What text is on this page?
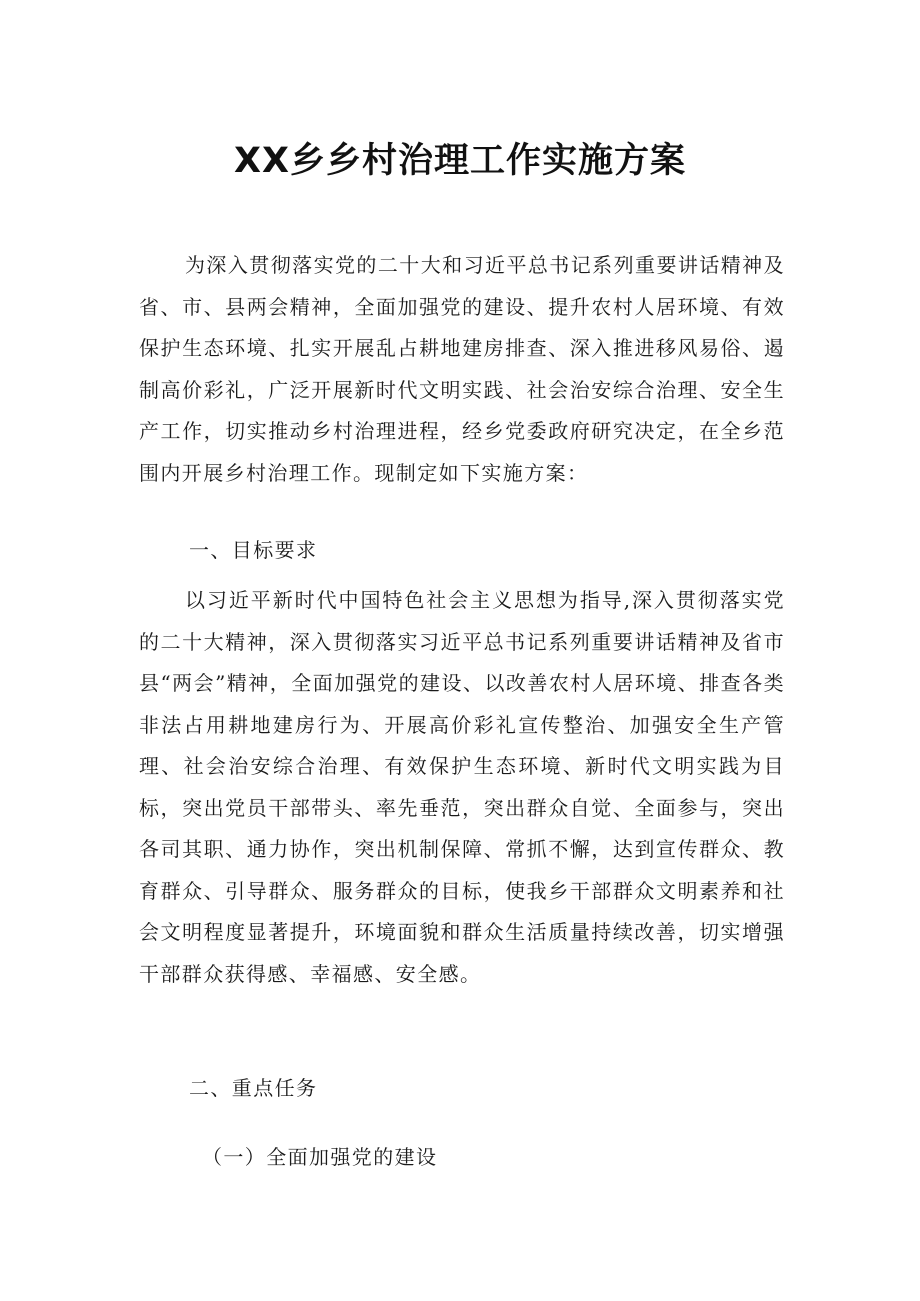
XX乡乡村治理工作实施方案

为深入贯彻落实党的二十大和习近平总书记系列重要讲话精神及省、市、县两会精神，全面加强党的建设、提升农村人居环境、有效保护生态环境、扎实开展乱占耕地建房排查、深入推进移风易俗、遏制高价彩礼，广泛开展新时代文明实践、社会治安综合治理、安全生产工作，切实推动乡村治理进程，经乡党委政府研究决定，在全乡范围内开展乡村治理工作。现制定如下实施方案：

一、目标要求

以习近平新时代中国特色社会主义思想为指导,深入贯彻落实党的二十大精神，深入贯彻落实习近平总书记系列重要讲话精神及省市县“两会”精神，全面加强党的建设、以改善农村人居环境、排查各类非法占用耕地建房行为、开展高价彩礼宣传整治、加强安全生产管理、社会治安综合治理、有效保护生态环境、新时代文明实践为目标，突出党员干部带头、率先垂范，突出群众自觉、全面参与，突出各司其职、通力协作，突出机制保障、常抓不懈，达到宣传群众、教育群众、引导群众、服务群众的目标，使我乡干部群众文明素养和社会文明程度显著提升，环境面貌和群众生活质量持续改善，切实增强干部群众获得感、幸福感、安全感。

二、重点任务

（一）全面加强党的建设
